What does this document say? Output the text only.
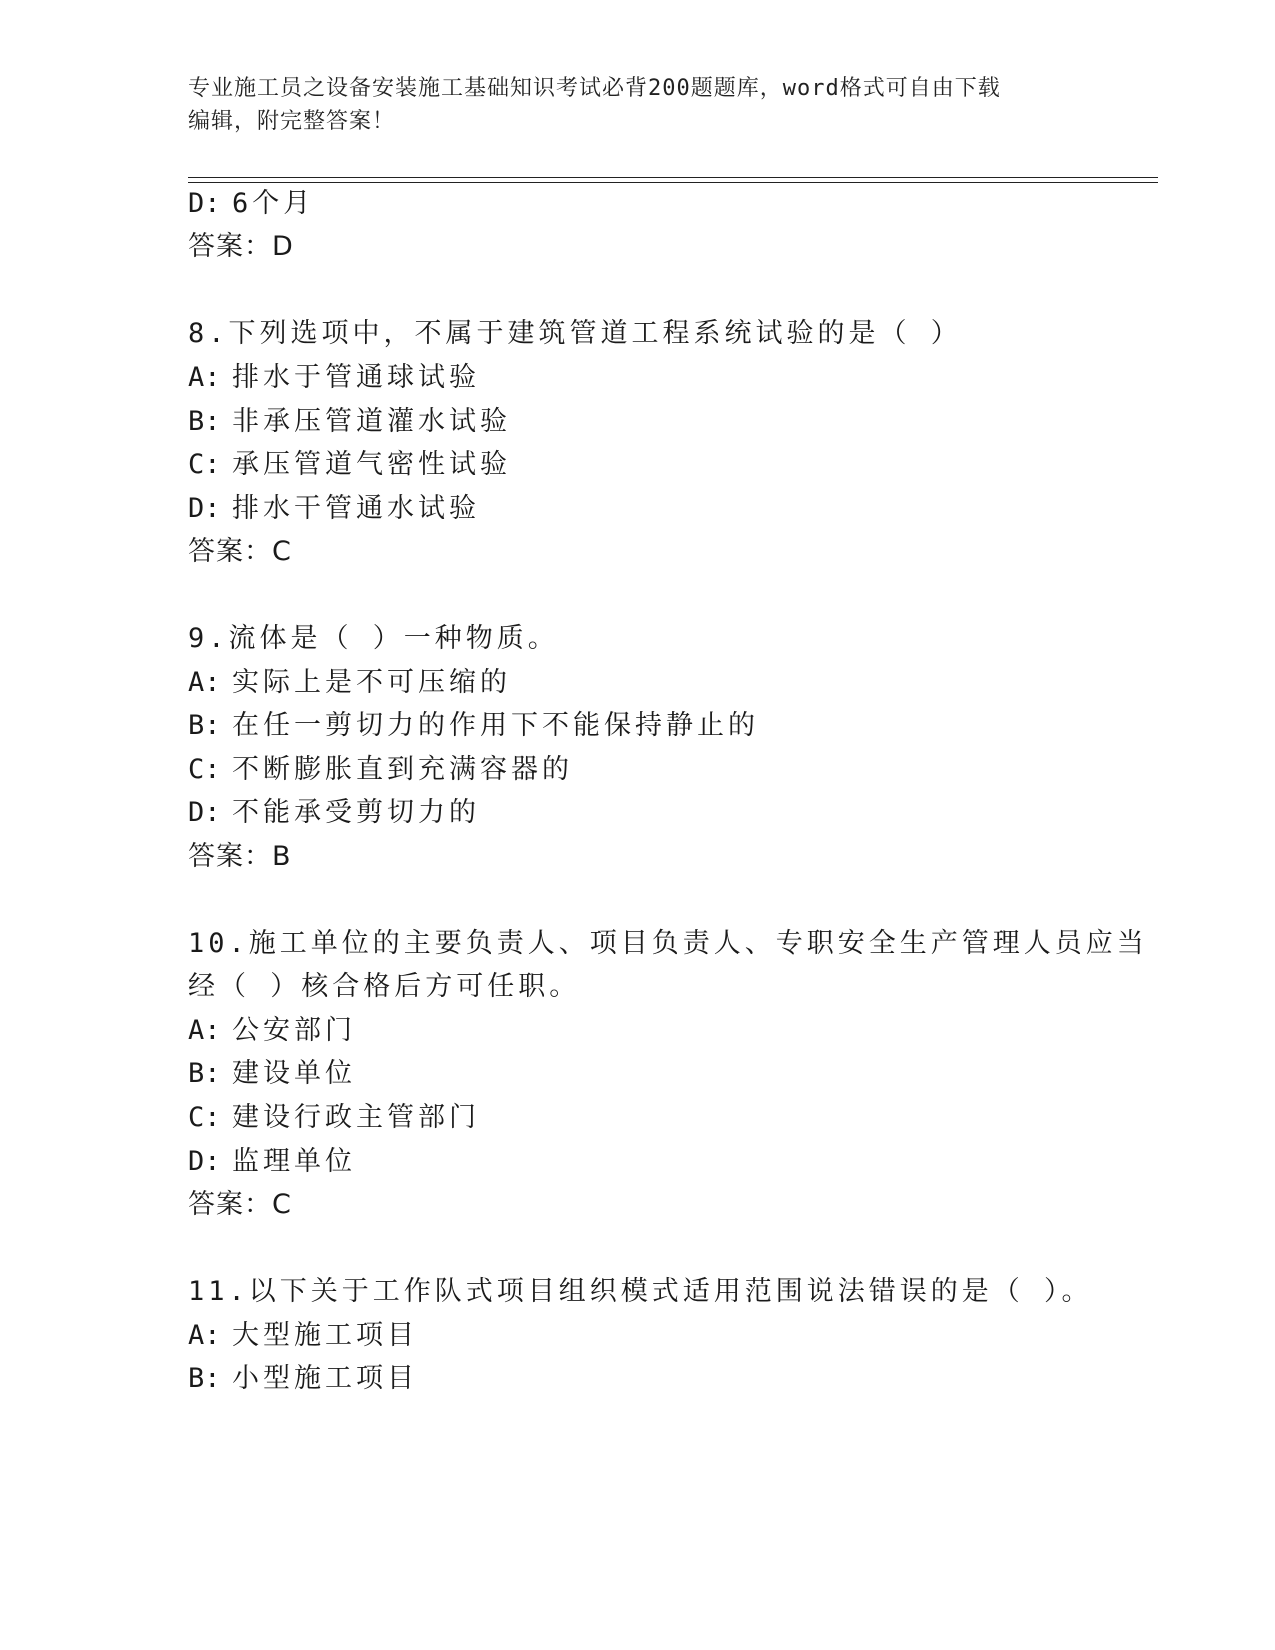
专业施工员之设备安装施工基础知识考试必背200题题库，word格式可自由下载
编辑，附完整答案！
D: 6个月
答案：D
8.下列选项中，不属于建筑管道工程系统试验的是（ ）
A: 排水于管通球试验
B: 非承压管道灌水试验
C: 承压管道气密性试验
D: 排水干管通水试验
答案：C
9.流体是（ ）一种物质。
A: 实际上是不可压缩的
B: 在任一剪切力的作用下不能保持静止的
C: 不断膨胀直到充满容器的
D: 不能承受剪切力的
答案：B
10.施工单位的主要负责人、项目负责人、专职安全生产管理人员应当
经（ ）核合格后方可任职。
A: 公安部门
B: 建设单位
C: 建设行政主管部门
D: 监理单位
答案：C
11.以下关于工作队式项目组织模式适用范围说法错误的是（ ）。
A: 大型施工项目
B: 小型施工项目
